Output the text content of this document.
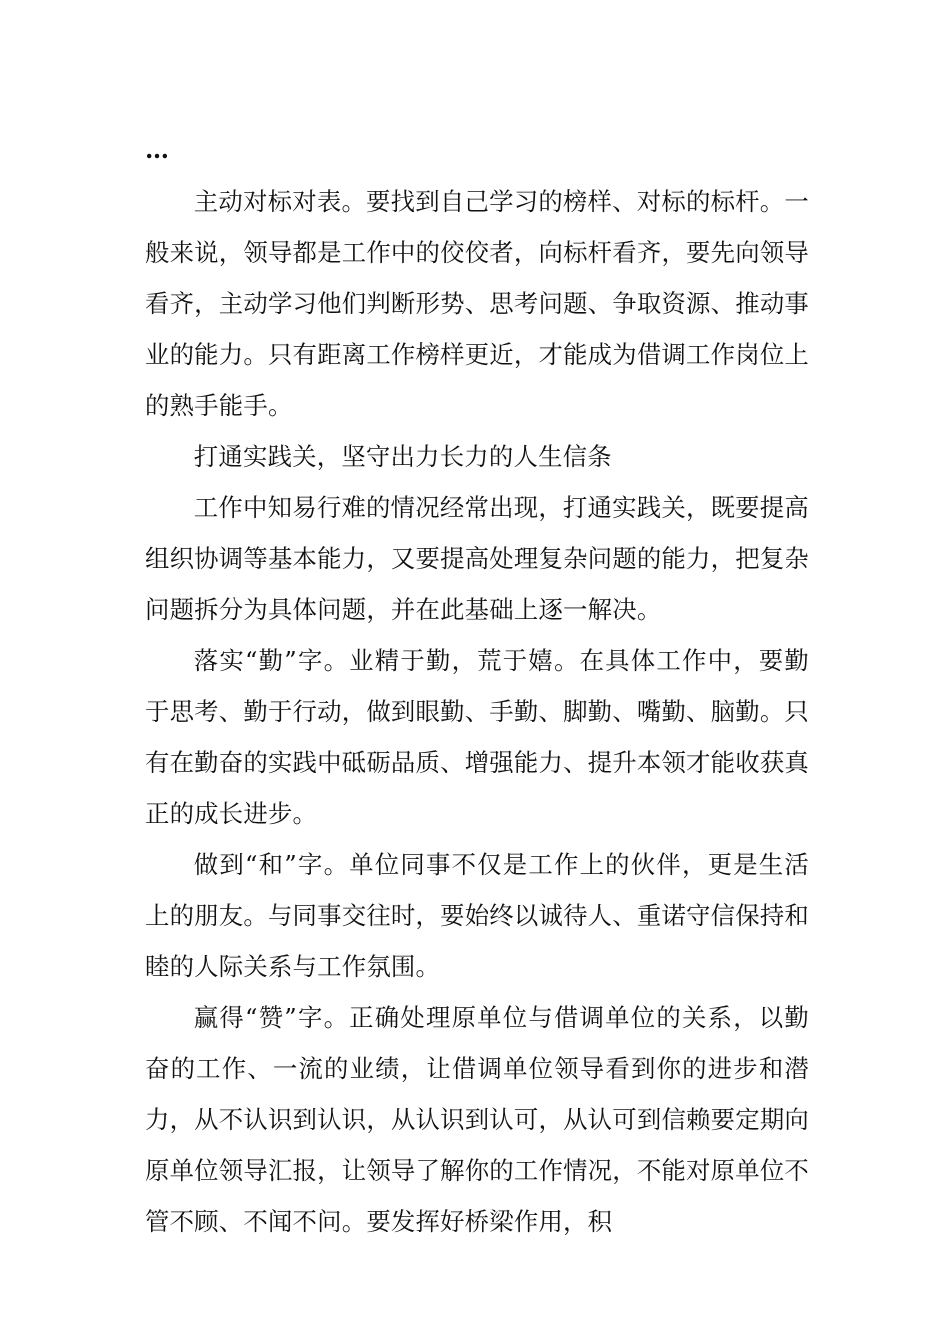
…

主动对标对表。要找到自己学习的榜样、对标的标杆。一般来说，领导都是工作中的佼佼者，向标杆看齐，要先向领导看齐，主动学习他们判断形势、思考问题、争取资源、推动事业的能力。只有距离工作榜样更近，才能成为借调工作岗位上的熟手能手。

打通实践关，坚守出力长力的人生信条

工作中知易行难的情况经常出现，打通实践关，既要提高组织协调等基本能力，又要提高处理复杂问题的能力，把复杂问题拆分为具体问题，并在此基础上逐一解决。

落实“勤”字。业精于勤，荒于嬉。在具体工作中，要勤于思考、勤于行动，做到眼勤、手勤、脚勤、嘴勤、脑勤。只有在勤奋的实践中砥砺品质、增强能力、提升本领才能收获真正的成长进步。

做到“和”字。单位同事不仅是工作上的伙伴，更是生活上的朋友。与同事交往时，要始终以诚待人、重诺守信保持和睦的人际关系与工作氛围。

赢得“赞”字。正确处理原单位与借调单位的关系，以勤奋的工作、一流的业绩，让借调单位领导看到你的进步和潜力，从不认识到认识，从认识到认可，从认可到信赖要定期向原单位领导汇报，让领导了解你的工作情况，不能对原单位不管不顾、不闻不问。要发挥好桥梁作用，积
